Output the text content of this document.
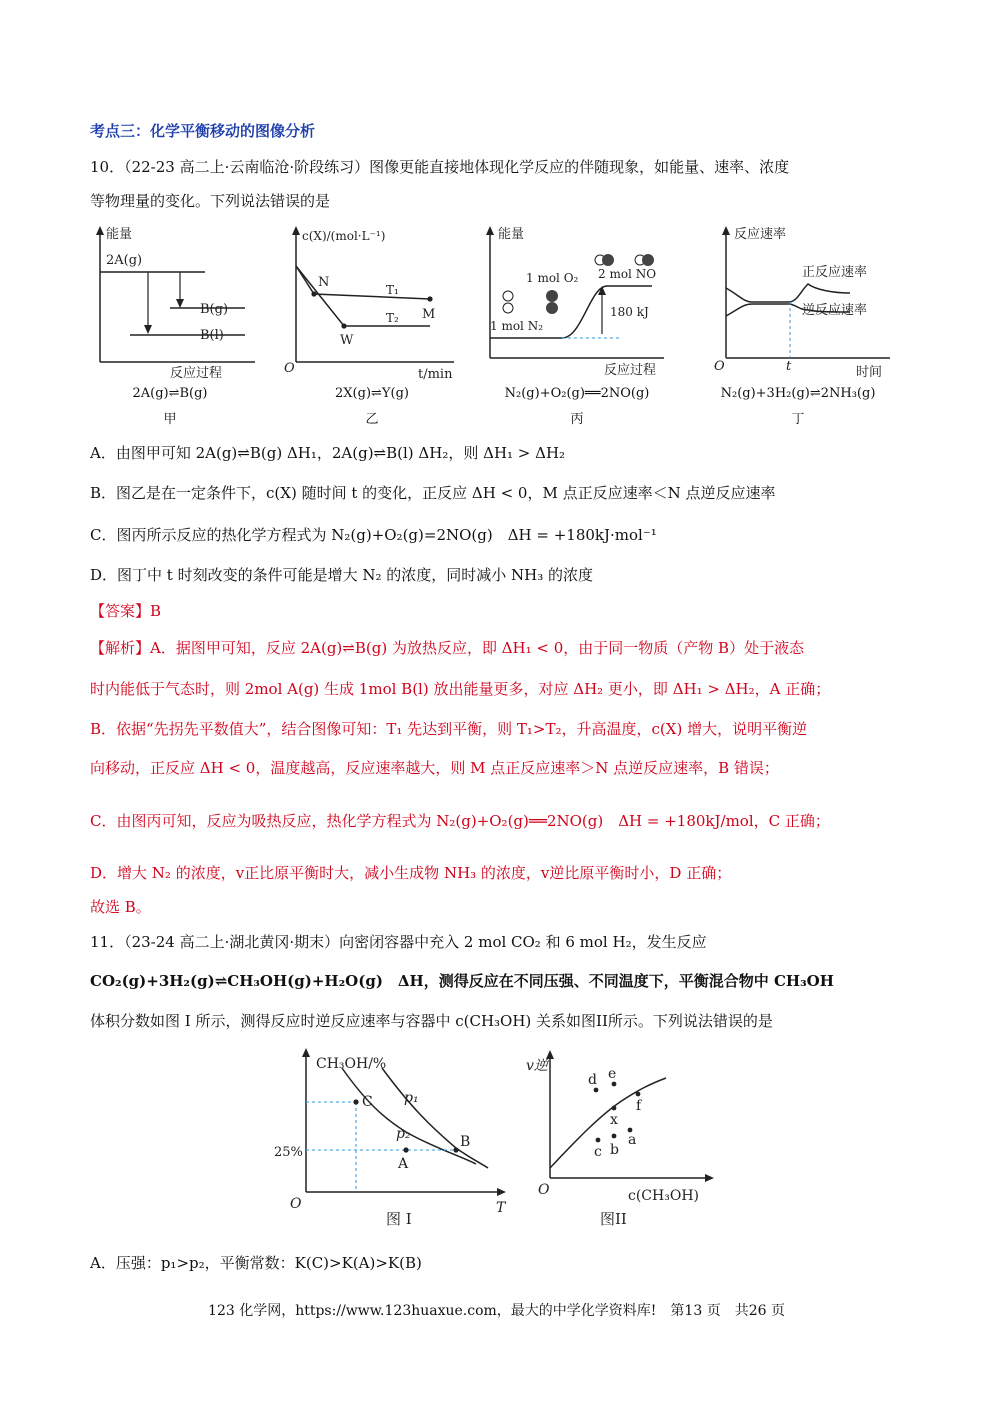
考点三：化学平衡移动的图像分析
10．（22-23 高二上·云南临沧·阶段练习）图像更能直接地体现化学反应的伴随现象，如能量、速率、浓度
等物理量的变化。下列说法错误的是
能量
2A(g)
B(g)
B(l)
反应过程
2A(g)⇌B(g)
甲
c(X)/(mol·L⁻¹)
N
M
W
T₁
T₂
O	t/min
2X(g)⇌Y(g)
乙
能量
1 mol O₂
1 mol N₂
2 mol NO
180 kJ
反应过程
N₂(g)+O₂(g)══2NO(g)
丙
反应速率
正反应速率
逆反应速率
O	t	时间
N₂(g)+3H₂(g)⇌2NH₃(g)
丁
A．由图甲可知 2A(g)⇌B(g) ΔH₁，2A(g)⇌B(l) ΔH₂，则 ΔH₁ > ΔH₂
B．图乙是在一定条件下，c(X) 随时间 t 的变化，正反应 ΔH < 0，M 点正反应速率＜N 点逆反应速率
C．图丙所示反应的热化学方程式为 N₂(g)+O₂(g)=2NO(g)　ΔH = +180kJ·mol⁻¹
D．图丁中 t 时刻改变的条件可能是增大 N₂ 的浓度，同时减小 NH₃ 的浓度
【答案】B
【解析】A．据图甲可知，反应 2A(g)⇌B(g) 为放热反应，即 ΔH₁ < 0，由于同一物质（产物 B）处于液态
时内能低于气态时，则 2mol A(g) 生成 1mol B(l) 放出能量更多，对应 ΔH₂ 更小，即 ΔH₁ > ΔH₂，A 正确；
B．依据“先拐先平数值大”，结合图像可知：T₁ 先达到平衡，则 T₁>T₂，升高温度，c(X) 增大，说明平衡逆
向移动，正反应 ΔH < 0，温度越高，反应速率越大，则 M 点正反应速率＞N 点逆反应速率，B 错误；
C．由图丙可知，反应为吸热反应，热化学方程式为 N₂(g)+O₂(g)══2NO(g)　ΔH = +180kJ/mol，C 正确；
D．增大 N₂ 的浓度，v正比原平衡时大，减小生成物 NH₃ 的浓度，v逆比原平衡时小，D 正确；
故选 B。
11．（23-24 高二上·湖北黄冈·期末）向密闭容器中充入 2 mol CO₂ 和 6 mol H₂，发生反应
CO₂(g)+3H₂(g)⇌CH₃OH(g)+H₂O(g)　ΔH，测得反应在不同压强、不同温度下，平衡混合物中 CH₃OH
体积分数如图 I 所示，测得反应时逆反应速率与容器中 c(CH₃OH) 关系如图II所示。下列说法错误的是
CH₃OH/%
25%
O	T
p₁
p₂
C
A
B
图 I
v逆
d e
f
x
a
b
c
O	c(CH₃OH)
图II
A．压强：p₁>p₂，平衡常数：K(C)>K(A)>K(B)
123 化学网，https://www.123huaxue.com，最大的中学化学资料库!　第13 页　共26 页
